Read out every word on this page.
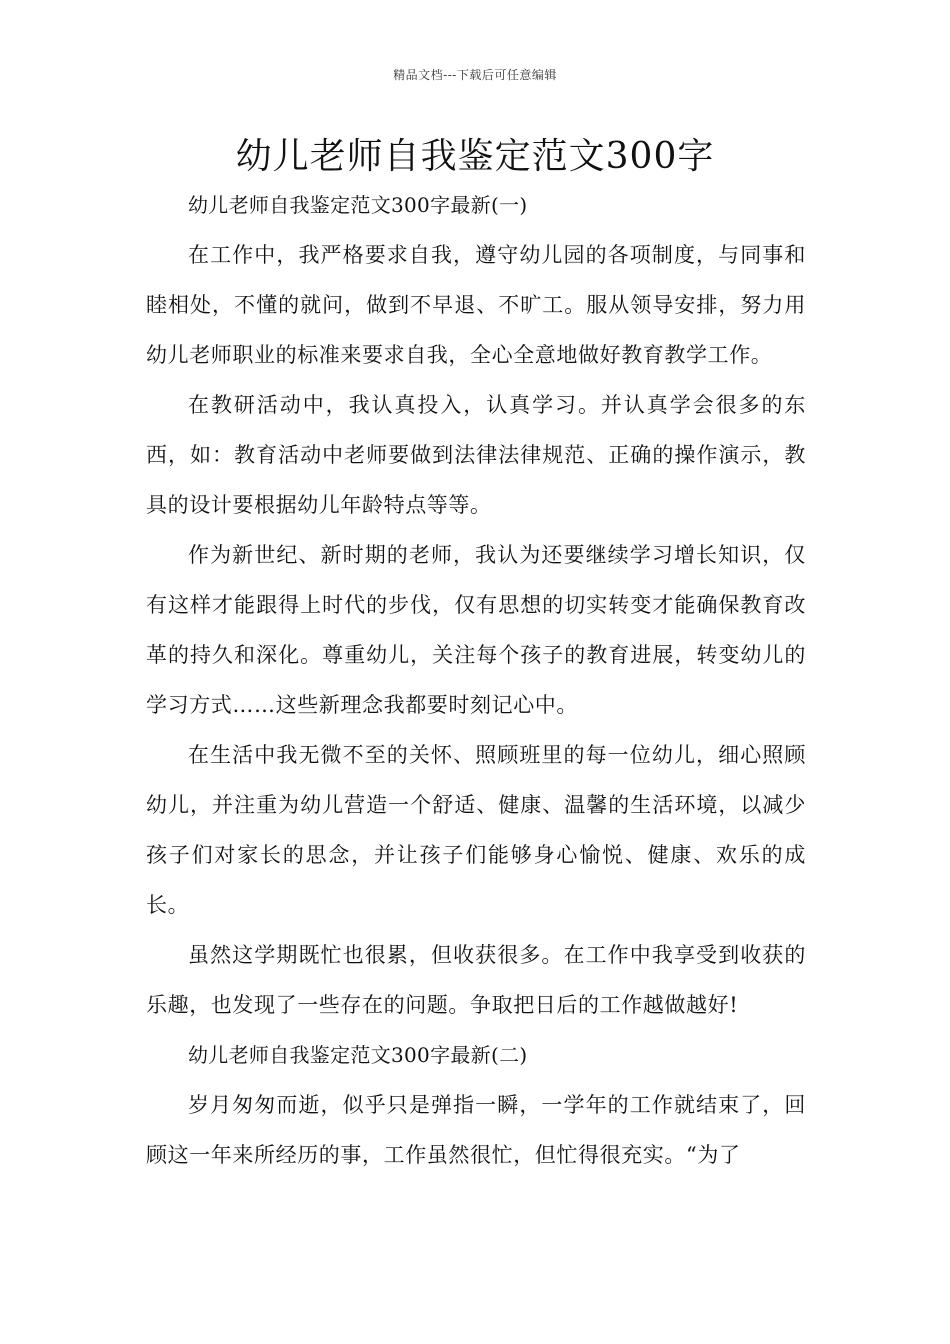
精品文档---下载后可任意编辑
幼儿老师自我鉴定范文300字

幼儿老师自我鉴定范文300字最新(一)

在工作中，我严格要求自我，遵守幼儿园的各项制度，与同事和睦相处，不懂的就问，做到不早退、不旷工。服从领导安排，努力用幼儿老师职业的标准来要求自我，全心全意地做好教育教学工作。

在教研活动中，我认真投入，认真学习。并认真学会很多的东西，如：教育活动中老师要做到法律法律规范、正确的操作演示，教具的设计要根据幼儿年龄特点等等。

作为新世纪、新时期的老师，我认为还要继续学习增长知识，仅有这样才能跟得上时代的步伐，仅有思想的切实转变才能确保教育改革的持久和深化。尊重幼儿，关注每个孩子的教育进展，转变幼儿的学习方式……这些新理念我都要时刻记心中。

在生活中我无微不至的关怀、照顾班里的每一位幼儿，细心照顾幼儿，并注重为幼儿营造一个舒适、健康、温馨的生活环境，以减少孩子们对家长的思念，并让孩子们能够身心愉悦、健康、欢乐的成长。

虽然这学期既忙也很累，但收获很多。在工作中我享受到收获的乐趣，也发现了一些存在的问题。争取把日后的工作越做越好!

幼儿老师自我鉴定范文300字最新(二)

岁月匆匆而逝，似乎只是弹指一瞬，一学年的工作就结束了，回顾这一年来所经历的事，工作虽然很忙，但忙得很充实。“为了
